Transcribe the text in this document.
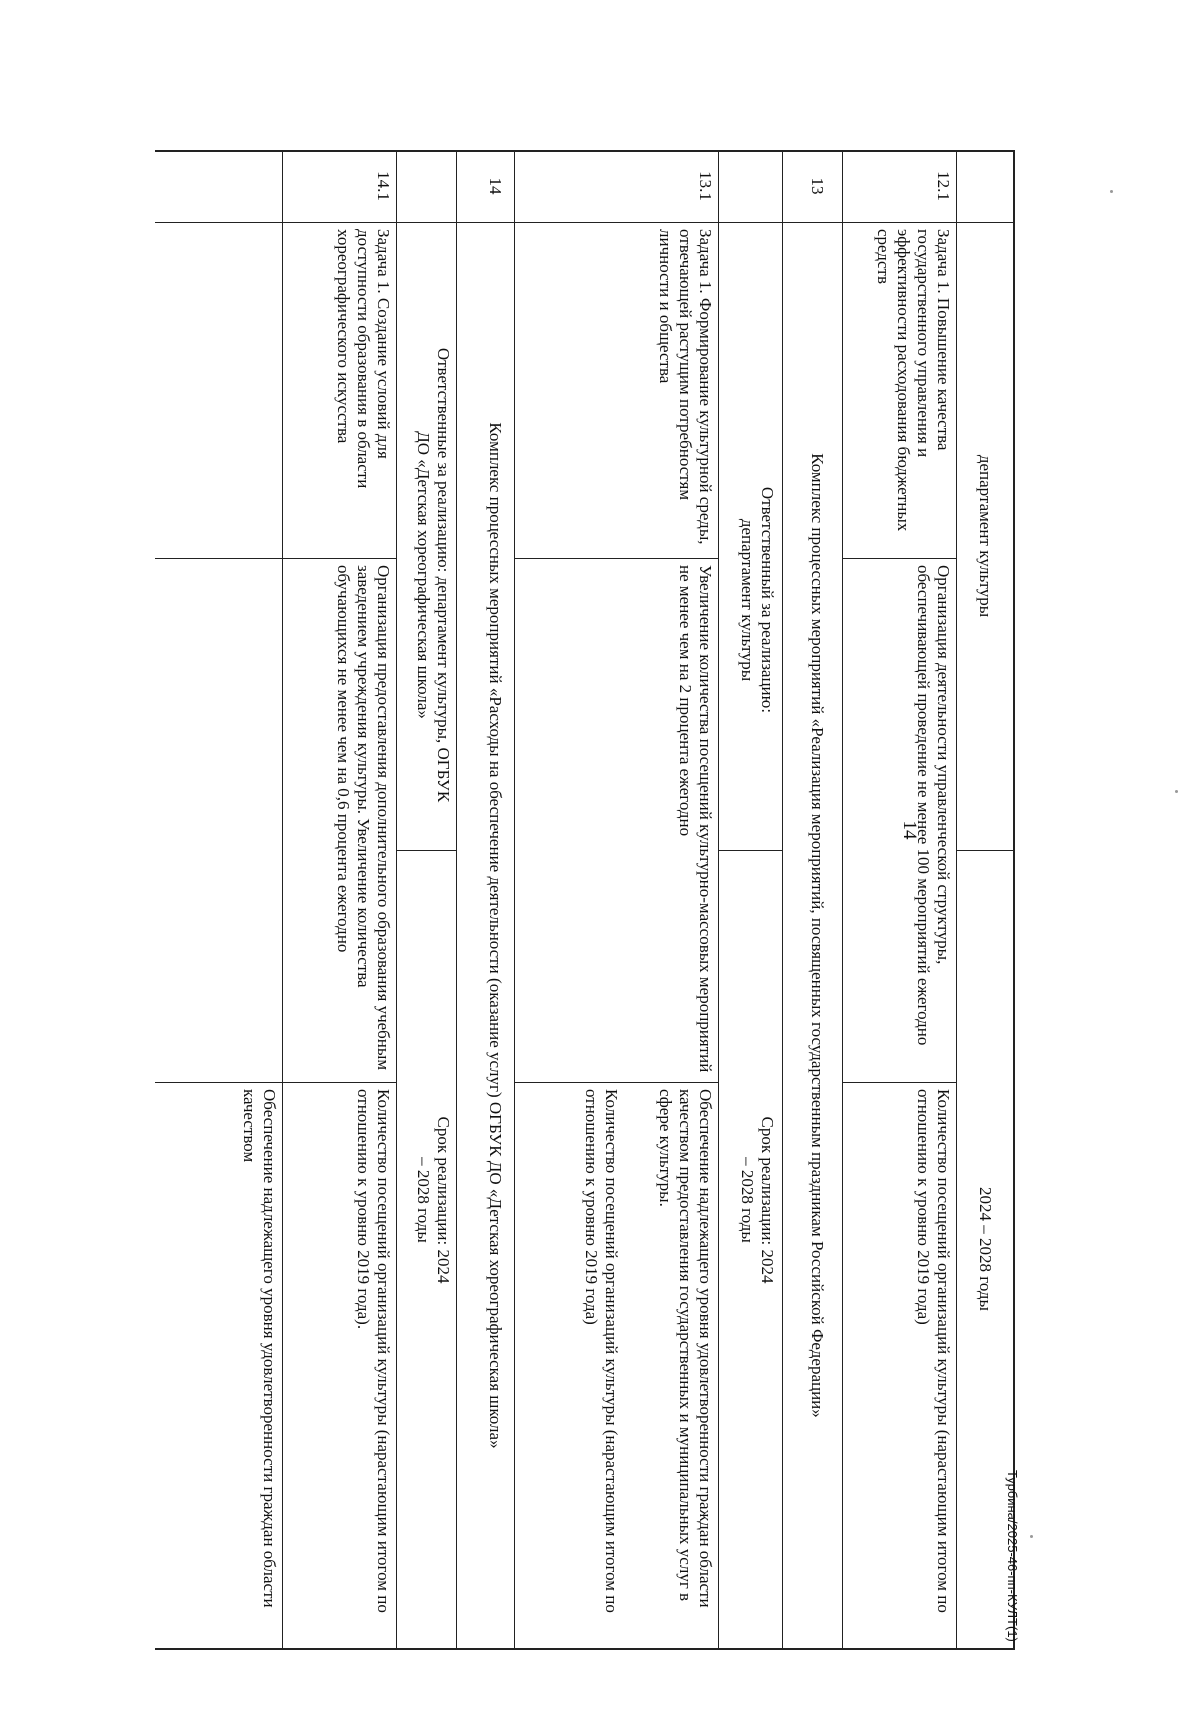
14
департамент культуры
2024 – 2028 годы
12.1
Задача 1. Повышение качества государственного управления и эффективности расходования бюджетных средств
Организация деятельности управленческой структуры, обеспечивающей проведение не менее 100 мероприятий ежегодно
Количество посещений организаций культуры (нарастающим итогом по отношению к уровню 2019 года)
13
Комплекс процессных мероприятий «Реализация мероприятий, посвященных государственным праздникам Российской Федерации»
Ответственный за реализацию: департамент культуры
Срок реализации: 2024 – 2028 годы
13.1
Задача 1. Формирование культурной среды, отвечающей растущим потребностям личности и общества
Увеличение количества посещений культурно-массовых мероприятий не менее чем на 2 процента ежегодно
Обеспечение надлежащего уровня удовлетворенности граждан области качеством предоставления государственных и муниципальных услуг в сфере культуры.
Количество посещений организаций культуры (нарастающим итогом по отношению к уровню 2019 года)
14
Комплекс процессных мероприятий «Расходы на обеспечение деятельности (оказание услуг) ОГБУК ДО «Детская хореографическая школа»
Ответственные за реализацию: департамент культуры, ОГБУК ДО «Детская хореографическая школа»
Срок реализации: 2024 – 2028 годы
14.1
Задача 1. Создание условий для доступности образования в области хореографического искусства
Организация предоставления дополнительного образования учебным заведением учреждения культуры. Увеличение количества обучающихся не менее чем на 0,6 процента ежегодно
Количество посещений организаций культуры (нарастающим итогом по отношению к уровню 2019 года).
Обеспечение надлежащего уровня удовлетворенности граждан области качеством
Турбина/2025-46-пп-КУЛТ(1)
